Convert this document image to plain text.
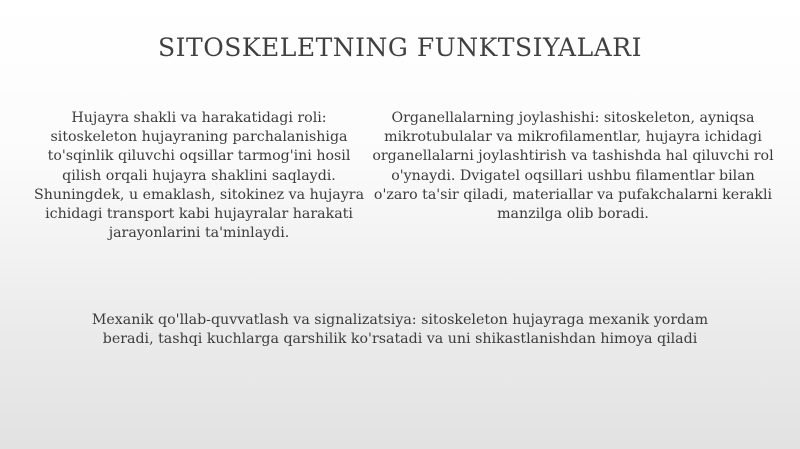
SITOSKELETNING FUNKTSIYALARI

Hujayra shakli va harakatidagi roli: sitoskeleton hujayraning parchalanishiga to'sqinlik qiluvchi oqsillar tarmog'ini hosil qilish orqali hujayra shaklini saqlaydi. Shuningdek, u emaklash, sitokinez va hujayra ichidagi transport kabi hujayralar harakati jarayonlarini ta'minlaydi.

Organellalarning joylashishi: sitoskeleton, ayniqsa mikrotubulalar va mikrofilamentlar, hujayra ichidagi organellalarni joylashtirish va tashishda hal qiluvchi rol o'ynaydi. Dvigatel oqsillari ushbu filamentlar bilan o'zaro ta'sir qiladi, materiallar va pufakchalarni kerakli manzilga olib boradi.

Mexanik qo'llab-quvvatlash va signalizatsiya: sitoskeleton hujayraga mexanik yordam beradi, tashqi kuchlarga qarshilik ko'rsatadi va uni shikastlanishdan himoya qiladi
